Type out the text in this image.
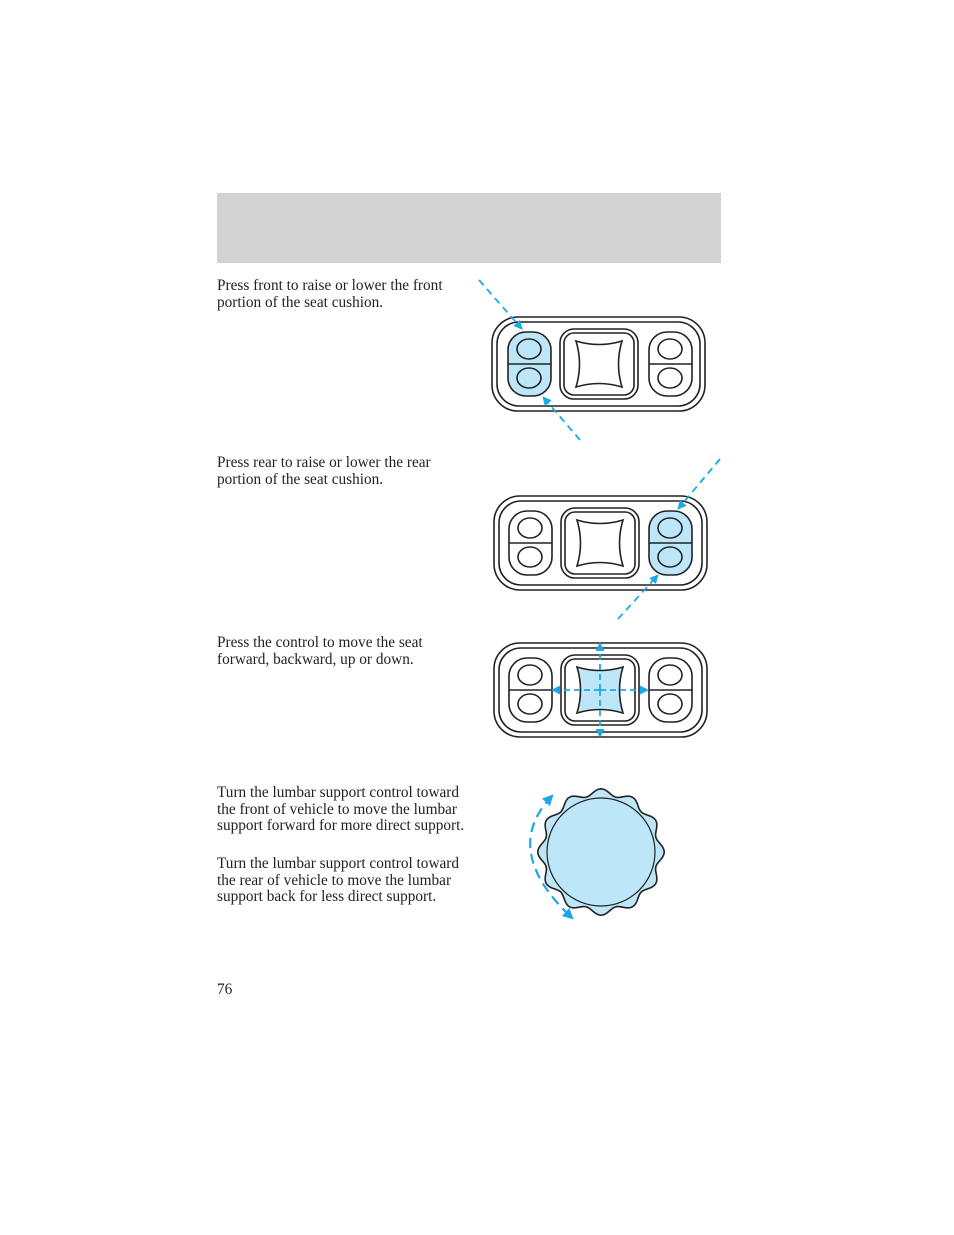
Press front to raise or lower the front portion of the seat cushion.

Press rear to raise or lower the rear portion of the seat cushion.

Press the control to move the seat forward, backward, up or down.

Turn the lumbar support control toward the front of vehicle to move the lumbar support forward for more direct support.

Turn the lumbar support control toward the rear of vehicle to move the lumbar support back for less direct support.

76
